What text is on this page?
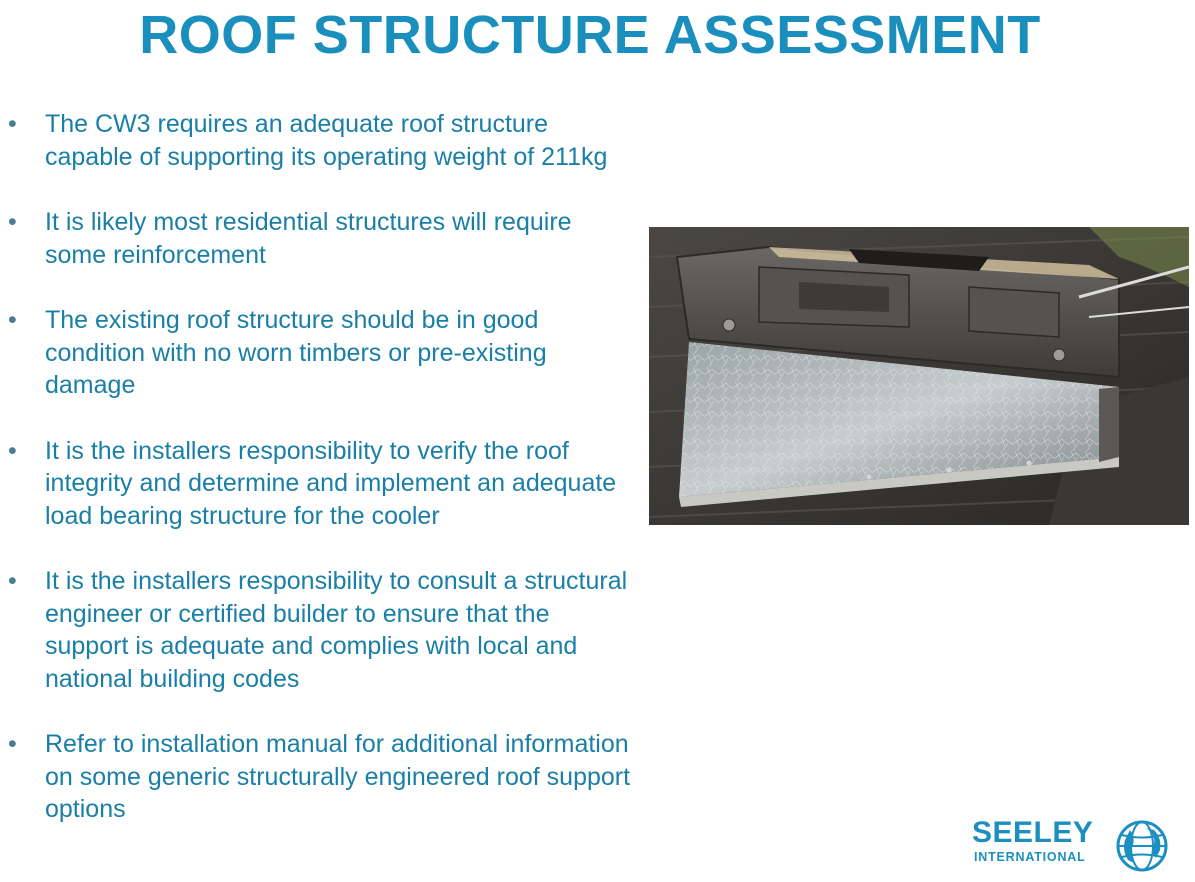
ROOF STRUCTURE ASSESSMENT
•	The CW3 requires an adequate roof structure capable of supporting its operating weight of 211kg
•	It is likely most residential structures will require some reinforcement
•	The existing roof structure should be in good condition with no worn timbers or pre-existing damage
•	It is the installers responsibility to verify the roof integrity and determine and implement an adequate load bearing structure for the cooler
•	It is the installers responsibility to consult a structural engineer or certified builder to ensure that the support is adequate and complies with local and national building codes
•	Refer to installation manual for additional information on some generic structurally engineered roof support options
SEELEY
INTERNATIONAL
